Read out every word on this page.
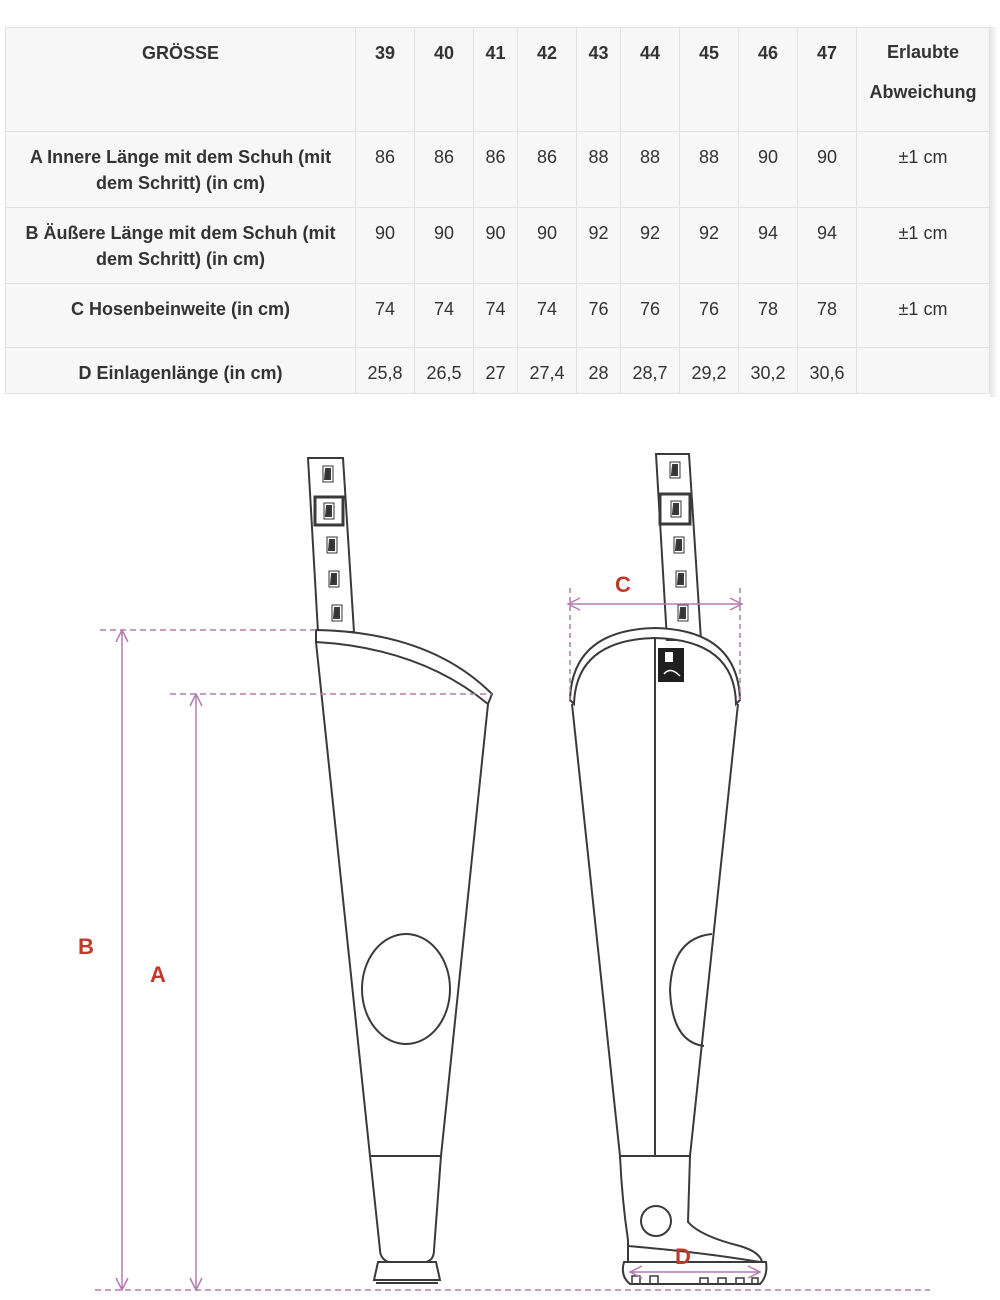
GRÖSSE	39	40	41	42	43	44	45	46	47	Erlaubte
Abweichung
A Innere Länge mit dem Schuh (mit
dem Schritt) (in cm)	86	86	86	86	88	88	88	90	90	±1 cm
B Äußere Länge mit dem Schuh (mit
dem Schritt) (in cm)	90	90	90	90	92	92	92	94	94	±1 cm
C Hosenbeinweite (in cm)	74	74	74	74	76	76	76	78	78	±1 cm
D Einlagenlänge (in cm)	25,8	26,5	27	27,4	28	28,7	29,2	30,2	30,6	
B
A
C
D
